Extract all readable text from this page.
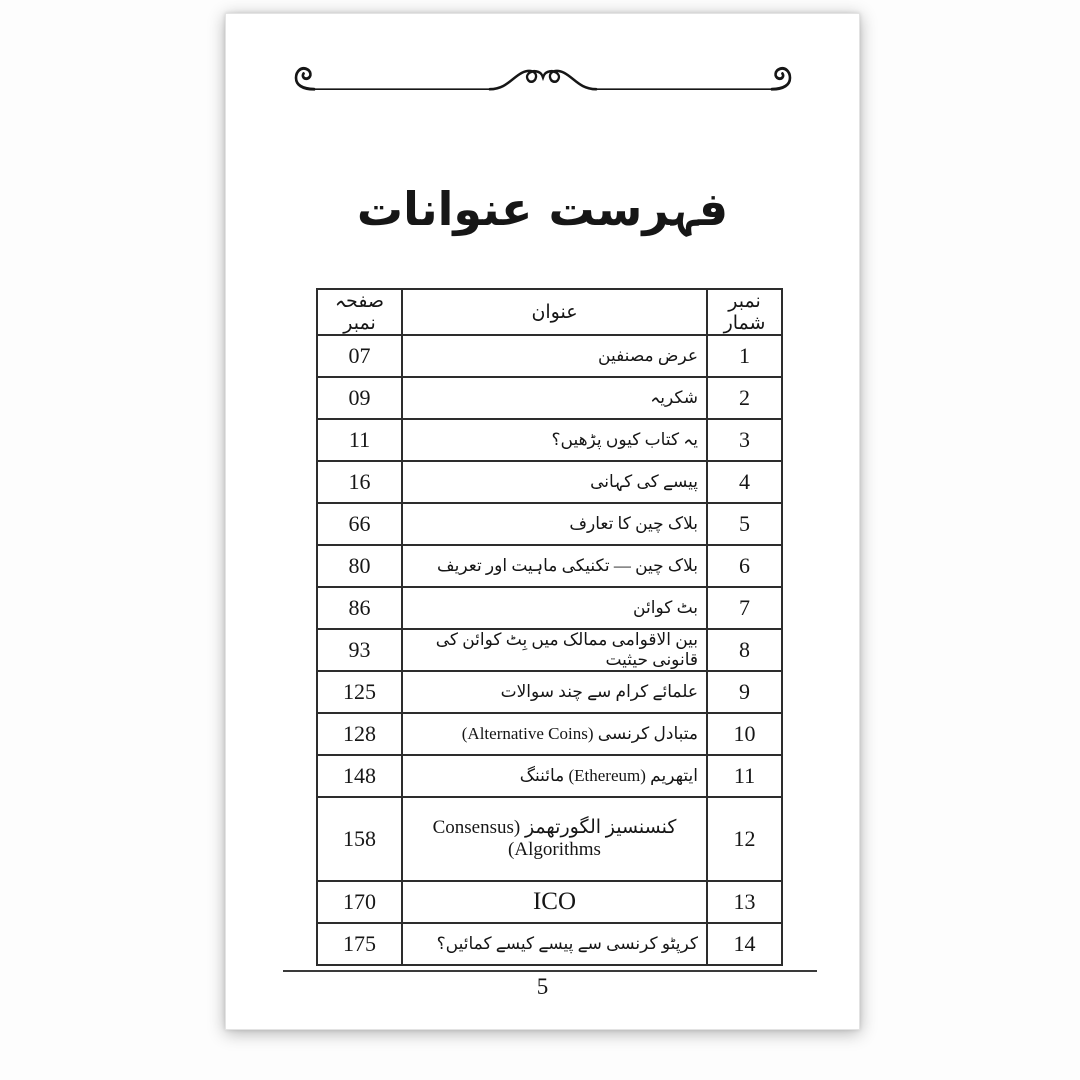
فہرست عنوانات
نمبر شمار	عنوان	صفحہ نمبر
1	عرض مصنفین	07
2	شکریہ	09
3	یہ کتاب کیوں پڑھیں؟	11
4	پیسے کی کہانی	16
5	بلاک چین کا تعارف	66
6	بلاک چین — تکنیکی ماہیت اور تعریف	80
7	بٹ کوائن	86
8	بین الاقوامی ممالک میں بِٹ کوائن کی قانونی حیثیت	93
9	علمائے کرام سے چند سوالات	125
10	متبادل کرنسی (Alternative Coins)	128
11	ایتھریم (Ethereum) مائننگ	148
12	کنسنسیز الگورتھمز (Consensus Algorithms)	158
13	ICO	170
14	کرپٹو کرنسی سے پیسے کیسے کمائیں؟	175
5
